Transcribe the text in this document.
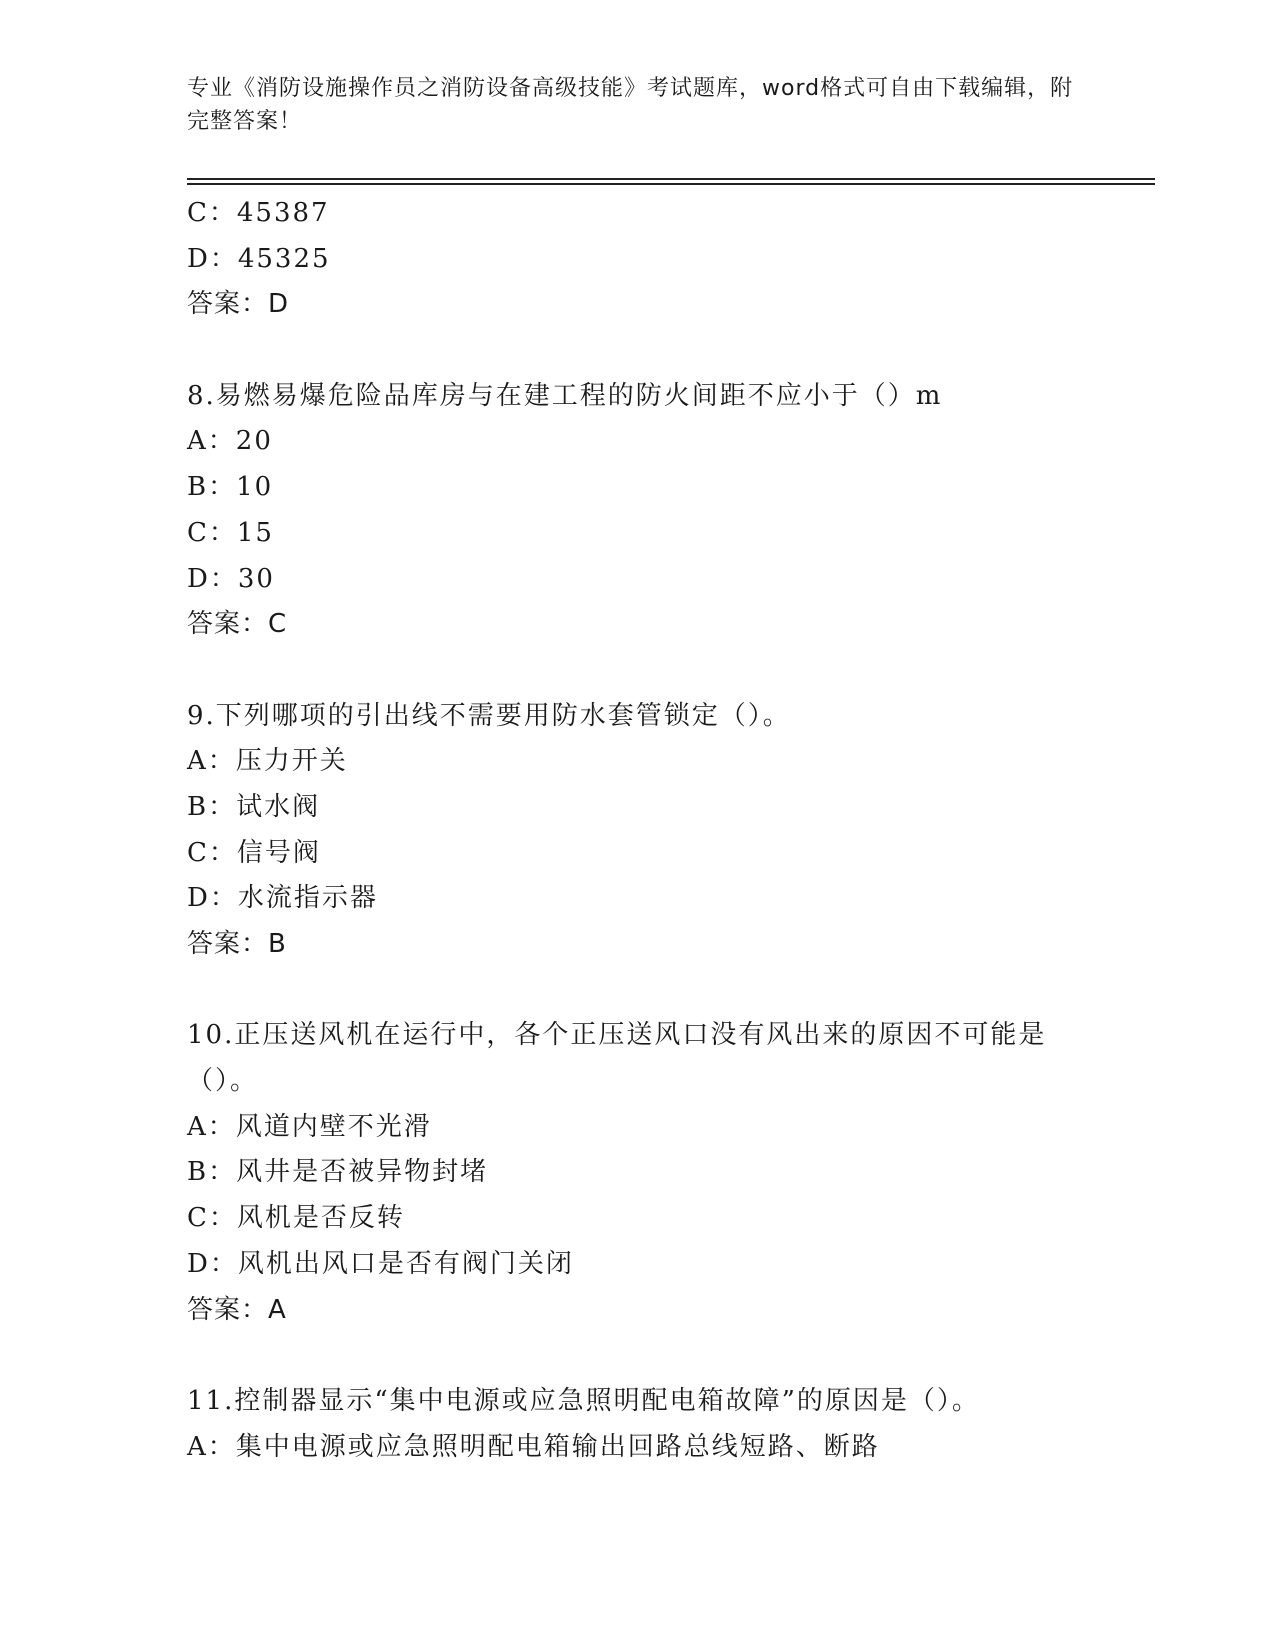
专业《消防设施操作员之消防设备高级技能》考试题库，word格式可自由下载编辑，附完整答案！
C：45387
D：45325
答案：D
8.易燃易爆危险品库房与在建工程的防火间距不应小于（）m
A：20
B：10
C：15
D：30
答案：C
9.下列哪项的引出线不需要用防水套管锁定（）。
A：压力开关
B：试水阀
C：信号阀
D：水流指示器
答案：B
10.正压送风机在运行中，各个正压送风口没有风出来的原因不可能是（）。
A：风道内壁不光滑
B：风井是否被异物封堵
C：风机是否反转
D：风机出风口是否有阀门关闭
答案：A
11.控制器显示“集中电源或应急照明配电箱故障”的原因是（）。
A：集中电源或应急照明配电箱输出回路总线短路、断路
